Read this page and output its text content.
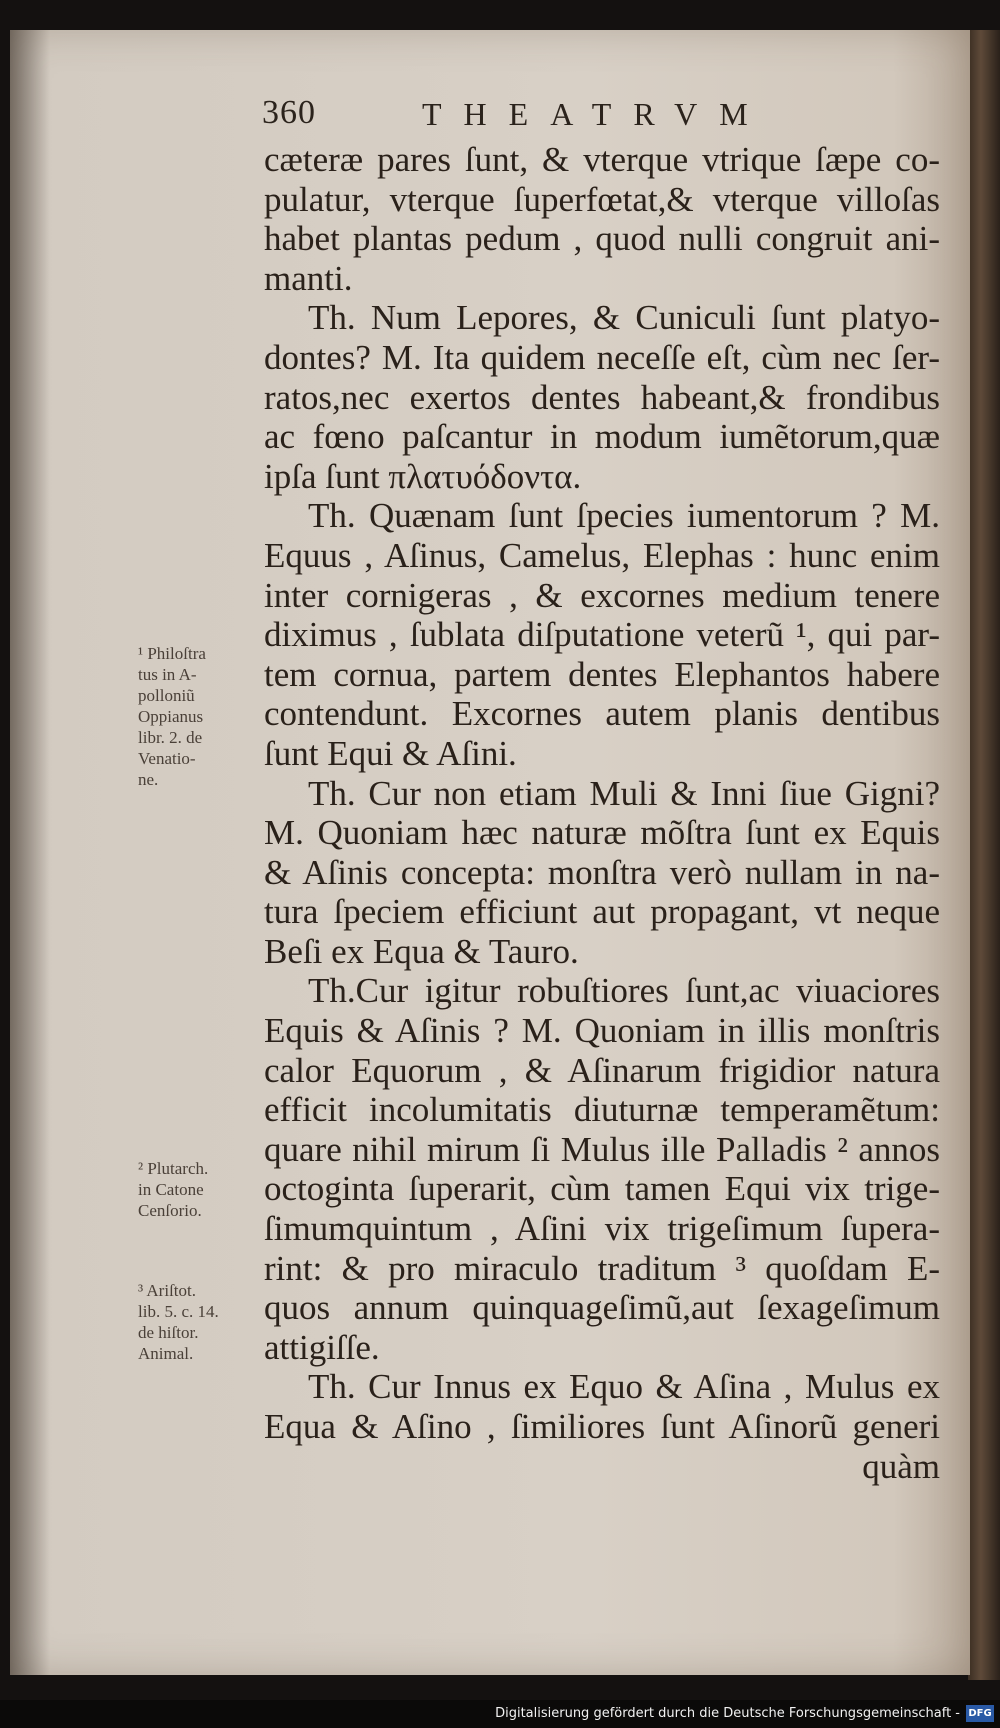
360	THEATRVM
cæteræ pares ſunt, & vterque vtrique ſæpe co-
pulatur, vterque ſuperfœtat,& vterque villoſas
habet plantas pedum , quod nulli congruit ani-
manti.
Th. Num Lepores, & Cuniculi ſunt platyo-
dontes? M. Ita quidem neceſſe eſt, cùm nec ſer-
ratos,nec exertos dentes habeant,& frondibus
ac fœno paſcantur in modum iumẽtorum,quæ
ipſa ſunt πλατυόδοντα.
Th. Quænam ſunt ſpecies iumentorum ? M.
Equus , Aſinus, Camelus, Elephas : hunc enim
inter cornigeras , & excornes medium tenere
diximus , ſublata diſputatione veterũ ¹, qui par-
tem cornua, partem dentes Elephantos habere
contendunt. Excornes autem planis dentibus
ſunt Equi & Aſini.
Th. Cur non etiam Muli & Inni ſiue Gigni?
M. Quoniam hæc naturæ mõſtra ſunt ex Equis
& Aſinis concepta: monſtra verò nullam in na-
tura ſpeciem efficiunt aut propagant, vt neque
Beſi ex Equa & Tauro.
Th.Cur igitur robuſtiores ſunt,ac viuaciores
Equis & Aſinis ? M. Quoniam in illis monſtris
calor Equorum , & Aſinarum frigidior natura
efficit incolumitatis diuturnæ temperamẽtum:
quare nihil mirum ſi Mulus ille Palladis ² annos
octoginta ſuperarit, cùm tamen Equi vix trige-
ſimumquintum , Aſini vix trigeſimum ſupera-
rint: & pro miraculo traditum ³ quoſdam E-
quos annum quinquageſimũ,aut ſexageſimum
attigiſſe.
Th. Cur Innus ex Equo & Aſina , Mulus ex
Equa & Aſino , ſimiliores ſunt Aſinorũ generi
quàm
¹ Philoſtra
tus in A-
polloniũ
Oppianus
libr. 2. de
Venatio-
ne.
² Plutarch.
in Catone
Cenſorio.
³ Ariſtot.
lib. 5. c. 14.
de hiſtor.
Animal.
Digitalisierung gefördert durch die Deutsche Forschungsgemeinschaft - DFG
